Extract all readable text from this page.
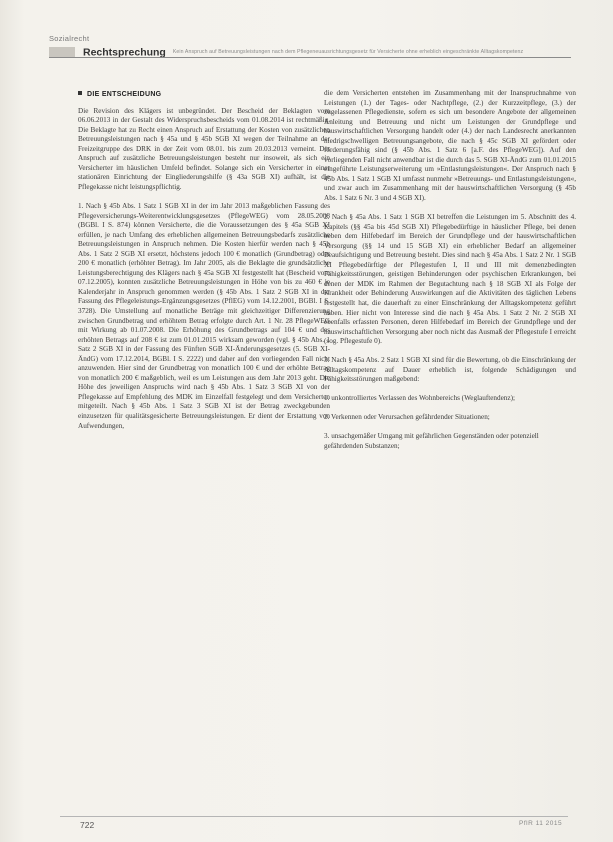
Sozialrecht
Rechtsprechung Kein Anspruch auf Betreuungsleistungen nach dem Pflegeneuausrichtungsgesetz für Versicherte ohne erheblich eingeschränkte Alltagskompetenz
DIE ENTSCHEIDUNG

Die Revision des Klägers ist unbegründet. Der Bescheid der Beklagten vom 06.06.2013 in der Gestalt des Widerspruchsbescheids vom 01.08.2014 ist rechtmäßig. Die Beklagte hat zu Recht einen Anspruch auf Erstattung der Kosten von zusätzlichen Betreuungsleistungen nach § 45a und § 45b SGB XI wegen der Teilnahme an der Freizeitgruppe des DRK in der Zeit vom 08.01. bis zum 20.03.2013 verneint. Der Anspruch auf zusätzliche Betreuungsleistungen besteht nur insoweit, als sich ein Versicherter im häuslichen Umfeld befindet. Solange sich ein Versicherter in einer stationären Einrichtung der Eingliederungshilfe (§ 43a SGB XI) aufhält, ist die Pflegekasse nicht leistungspflichtig.

1. Nach § 45b Abs. 1 Satz 1 SGB XI in der im Jahr 2013 maßgeblichen Fassung des Pflegeversicherungs-Weiterentwicklungsgesetzes (PflegeWEG) vom 28.05.2008 (BGBl. I S. 874) können Versicherte, die die Voraussetzungen des § 45a SGB XI erfüllen, je nach Umfang des erheblichen allgemeinen Betreuungsbedarfs zusätzliche Betreuungsleistungen in Anspruch nehmen. Die Kosten hierfür werden nach § 45b Abs. 1 Satz 2 SGB XI ersetzt, höchstens jedoch 100 € monatlich (Grundbetrag) oder 200 € monatlich (erhöhter Betrag). Im Jahr 2005, als die Beklagte die grundsätzliche Leistungsberechtigung des Klägers nach § 45a SGB XI festgestellt hat (Bescheid vom 07.12.2005), konnten zusätzliche Betreuungsleistungen in Höhe von bis zu 460 € je Kalenderjahr in Anspruch genommen werden (§ 45b Abs. 1 Satz 2 SGB XI in der Fassung des Pflegeleistungs-Ergänzungsgesetzes (PflEG) vom 14.12.2001, BGBl. I S. 3728). Die Umstellung auf monatliche Beträge mit gleichzeitiger Differenzierung zwischen Grundbetrag und erhöhtem Betrag erfolgte durch Art. 1 Nr. 28 PflegeWEG mit Wirkung ab 01.07.2008. Die Erhöhung des Grundbetrags auf 104 € und des erhöhten Betrags auf 208 € ist zum 01.01.2015 wirksam geworden (vgl. § 45b Abs. 1 Satz 2 SGB XI in der Fassung des Fünften SGB XI-Änderungsgesetzes (5. SGB XI-ÄndG) vom 17.12.2014, BGBl. I S. 2222) und daher auf den vorliegenden Fall nicht anzuwenden. Hier sind der Grundbetrag von monatlich 100 € und der erhöhte Betrag von monatlich 200 € maßgeblich, weil es um Leistungen aus dem Jahr 2013 geht. Die Höhe des jeweiligen Anspruchs wird nach § 45b Abs. 1 Satz 3 SGB XI von der Pflegekasse auf Empfehlung des MDK im Einzelfall festgelegt und dem Versicherten mitgeteilt. Nach § 45b Abs. 1 Satz 3 SGB XI ist der Betrag zweckgebunden einzusetzen für qualitätsgesicherte Betreuungsleistungen. Er dient der Erstattung von Aufwendungen,

die dem Versicherten entstehen im Zusammenhang mit der Inanspruchnahme von Leistungen (1.) der Tages- oder Nachtpflege, (2.) der Kurzzeitpflege, (3.) der zugelassenen Pflegedienste, sofern es sich um besondere Angebote der allgemeinen Anleitung und Betreuung und nicht um Leistungen der Grundpflege und hauswirtschaftlichen Versorgung handelt oder (4.) der nach Landesrecht anerkannten niedrigschwelligen Betreuungsangebote, die nach § 45c SGB XI gefördert oder förderungsfähig sind (§ 45b Abs. 1 Satz 6 [a.F. des PflegeWEG]). Auf den vorliegenden Fall nicht anwendbar ist die durch das 5. SGB XI-ÄndG zum 01.01.2015 eingeführte Leistungserweiterung um »Entlastungsleistungen«. Der Anspruch nach § 45b Abs. 1 Satz 1 SGB XI umfasst nunmehr »Betreuungs- und Entlastungsleistungen«, und zwar auch im Zusammenhang mit der hauswirtschaftlichen Versorgung (§ 45b Abs. 1 Satz 6 Nr. 3 und 4 SGB XI).

2. Nach § 45a Abs. 1 Satz 1 SGB XI betreffen die Leistungen im 5. Abschnitt des 4. Kapitels (§§ 45a bis 45d SGB XI) Pflegebedürftige in häuslicher Pflege, bei denen neben dem Hilfebedarf im Bereich der Grundpflege und der hauswirtschaftlichen Versorgung (§§ 14 und 15 SGB XI) ein erheblicher Bedarf an allgemeiner Beaufsichtigung und Betreuung besteht. Dies sind nach § 45a Abs. 1 Satz 2 Nr. 1 SGB XI Pflegebedürftige der Pflegestufen I, II und III mit demenzbedingten Fähigkeitsstörungen, geistigen Behinderungen oder psychischen Erkrankungen, bei denen der MDK im Rahmen der Begutachtung nach § 18 SGB XI als Folge der Krankheit oder Behinderung Auswirkungen auf die Aktivitäten des täglichen Lebens festgestellt hat, die dauerhaft zu einer Einschränkung der Alltagskompetenz geführt haben. Hier nicht von Interesse sind die nach § 45a Abs. 1 Satz 2 Nr. 2 SGB XI ebenfalls erfassten Personen, deren Hilfebedarf im Bereich der Grundpflege und der hauswirtschaftlichen Versorgung aber noch nicht das Ausmaß der Pflegestufe I erreicht (sog. Pflegestufe 0).

3. Nach § 45a Abs. 2 Satz 1 SGB XI sind für die Bewertung, ob die Einschränkung der Alltagskompetenz auf Dauer erheblich ist, folgende Schädigungen und Fähigkeitsstörungen maßgebend:

1. unkontrolliertes Verlassen des Wohnbereichs (Weglauftendenz);

2. Verkennen oder Verursachen gefährdender Situationen;

3. unsachgemäßer Umgang mit gefährlichen Gegenständen oder potenziell gefährdenden Substanzen;

722	PflR 11 2015
